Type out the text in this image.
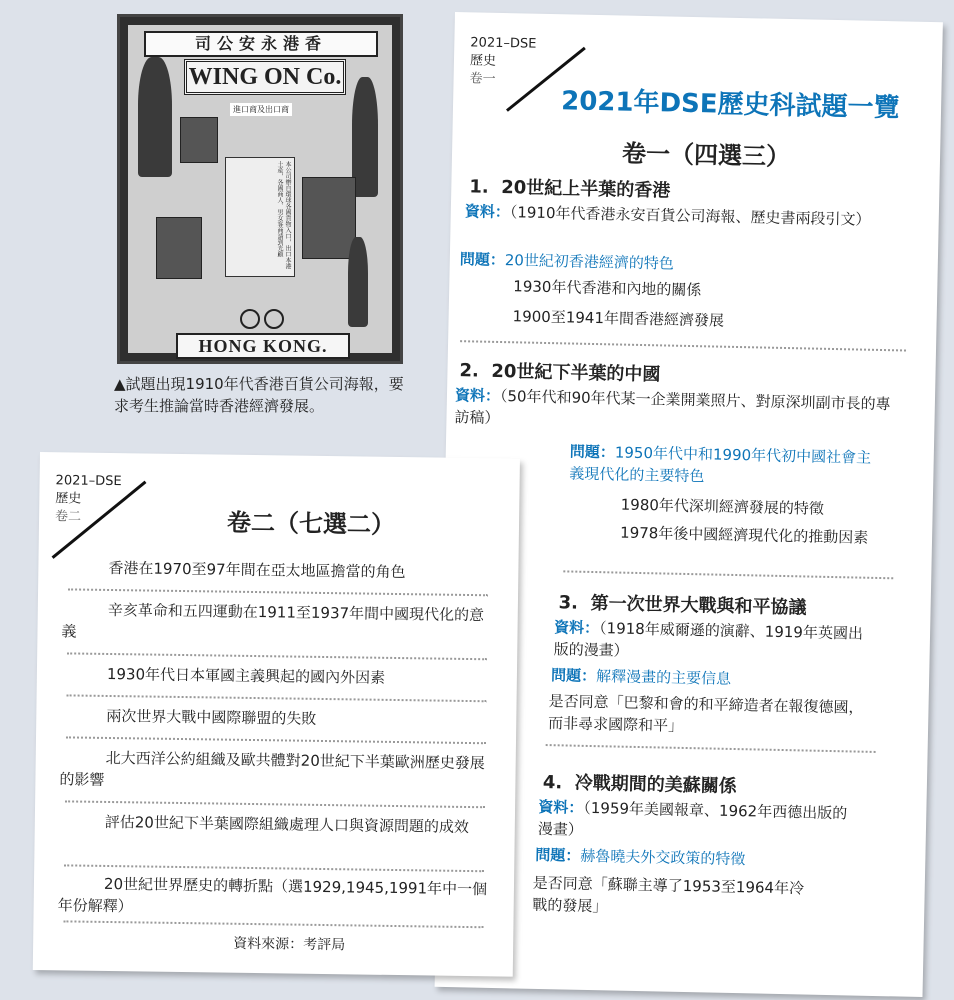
司公安永港香
WING ON Co.
進口商及出口商
本公司辦自環球各國貨物入口，出口本港土產，各國商人、男女客商請到光顧
HONG KONG.
▲試題出現1910年代香港百貨公司海報，要求考生推論當時香港經濟發展。
2021–DSE
歷史
卷一
2021年DSE歷史科試題一覽
卷一（四選三）
1. 20世紀上半葉的香港
資料：（1910年代香港永安百貨公司海報、歷史書兩段引文）
問題：20世紀初香港經濟的特色
1930年代香港和內地的關係
1900至1941年間香港經濟發展
2. 20世紀下半葉的中國
資料：（50年代和90年代某一企業開業照片、對原深圳副市長的專訪稿）
問題：1950年代中和1990年代初中國社會主義現代化的主要特色
1980年代深圳經濟發展的特徵
1978年後中國經濟現代化的推動因素
3. 第一次世界大戰與和平協議
資料：（1918年威爾遜的演辭、1919年英國出版的漫畫）
問題：解釋漫畫的主要信息
是否同意「巴黎和會的和平締造者在報復德國，而非尋求國際和平」
4. 冷戰期間的美蘇關係
資料：（1959年美國報章、1962年西德出版的漫畫）
問題：赫魯曉夫外交政策的特徵
是否同意「蘇聯主導了1953至1964年冷戰的發展」
2021–DSE
歷史
卷二	卷二（七選二）
香港在1970至97年間在亞太地區擔當的角色
辛亥革命和五四運動在1911至1937年間中國現代化的意義
1930年代日本軍國主義興起的國內外因素
兩次世界大戰中國際聯盟的失敗
北大西洋公約組織及歐共體對20世紀下半葉歐洲歷史發展的影響
評估20世紀下半葉國際組織處理人口與資源問題的成效
20世紀世界歷史的轉折點（選1929,1945,1991年中一個年份解釋）
資料來源：考評局
